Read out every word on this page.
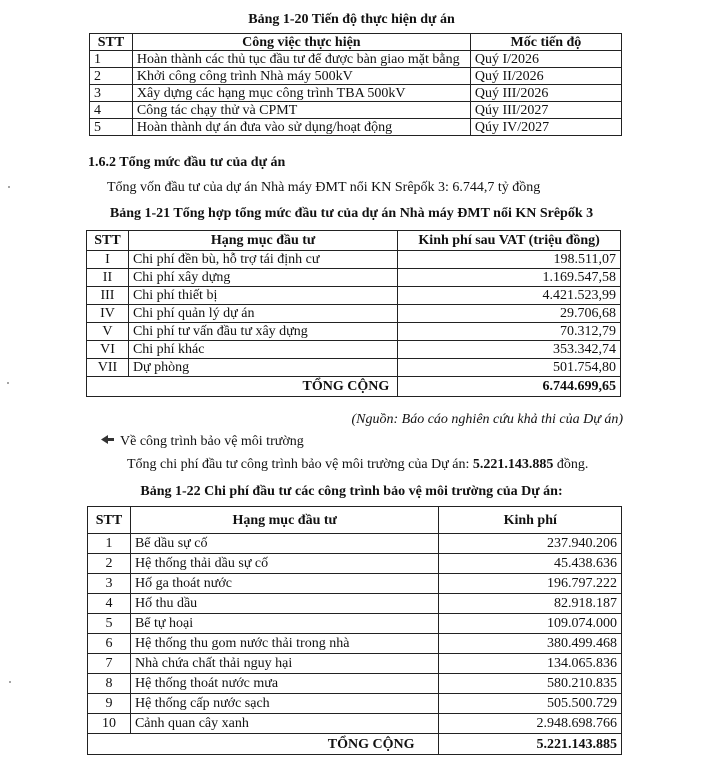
Bảng 1-20 Tiến độ thực hiện dự án
STT	Công việc thực hiện	Mốc tiến độ
1	Hoàn thành các thủ tục đầu tư để được bàn giao mặt bằng	Quý I/2026
2	Khởi công công trình Nhà máy 500kV	Quý II/2026
3	Xây dựng các hạng mục công trình TBA 500kV	Quý III/2026
4	Công tác chạy thử và CPMT	Qúy III/2027
5	Hoàn thành dự án đưa vào sử dụng/hoạt động	Qúy IV/2027
1.6.2 Tổng mức đầu tư của dự án
Tổng vốn đầu tư của dự án Nhà máy ĐMT nổi KN Srêpốk 3: 6.744,7 tỷ đồng
Bảng 1-21 Tổng hợp tổng mức đầu tư của dự án Nhà máy ĐMT nổi KN Srêpốk 3
STT	Hạng mục đầu tư	Kinh phí sau VAT (triệu đồng)
I	Chi phí đền bù, hỗ trợ tái định cư	198.511,07
II	Chi phí xây dựng	1.169.547,58
III	Chi phí thiết bị	4.421.523,99
IV	Chi phí quản lý dự án	29.706,68
V	Chi phí tư vấn đầu tư xây dựng	70.312,79
VI	Chi phí khác	353.342,74
VII	Dự phòng	501.754,80
TỔNG CỘNG		6.744.699,65
(Nguồn: Báo cáo nghiên cứu khả thi của Dự án)
Về công trình bảo vệ môi trường
Tổng chi phí đầu tư công trình bảo vệ môi trường của Dự án: 5.221.143.885 đồng.
Bảng 1-22 Chi phí đầu tư các công trình bảo vệ môi trường của Dự án:
STT	Hạng mục đầu tư	Kinh phí
1	Bể dầu sự cố	237.940.206
2	Hệ thống thải dầu sự cố	45.438.636
3	Hố ga thoát nước	196.797.222
4	Hố thu dầu	82.918.187
5	Bể tự hoại	109.074.000
6	Hệ thống thu gom nước thải trong nhà	380.499.468
7	Nhà chứa chất thải nguy hại	134.065.836
8	Hệ thống thoát nước mưa	580.210.835
9	Hệ thống cấp nước sạch	505.500.729
10	Cảnh quan cây xanh	2.948.698.766
TỔNG CỘNG		5.221.143.885
